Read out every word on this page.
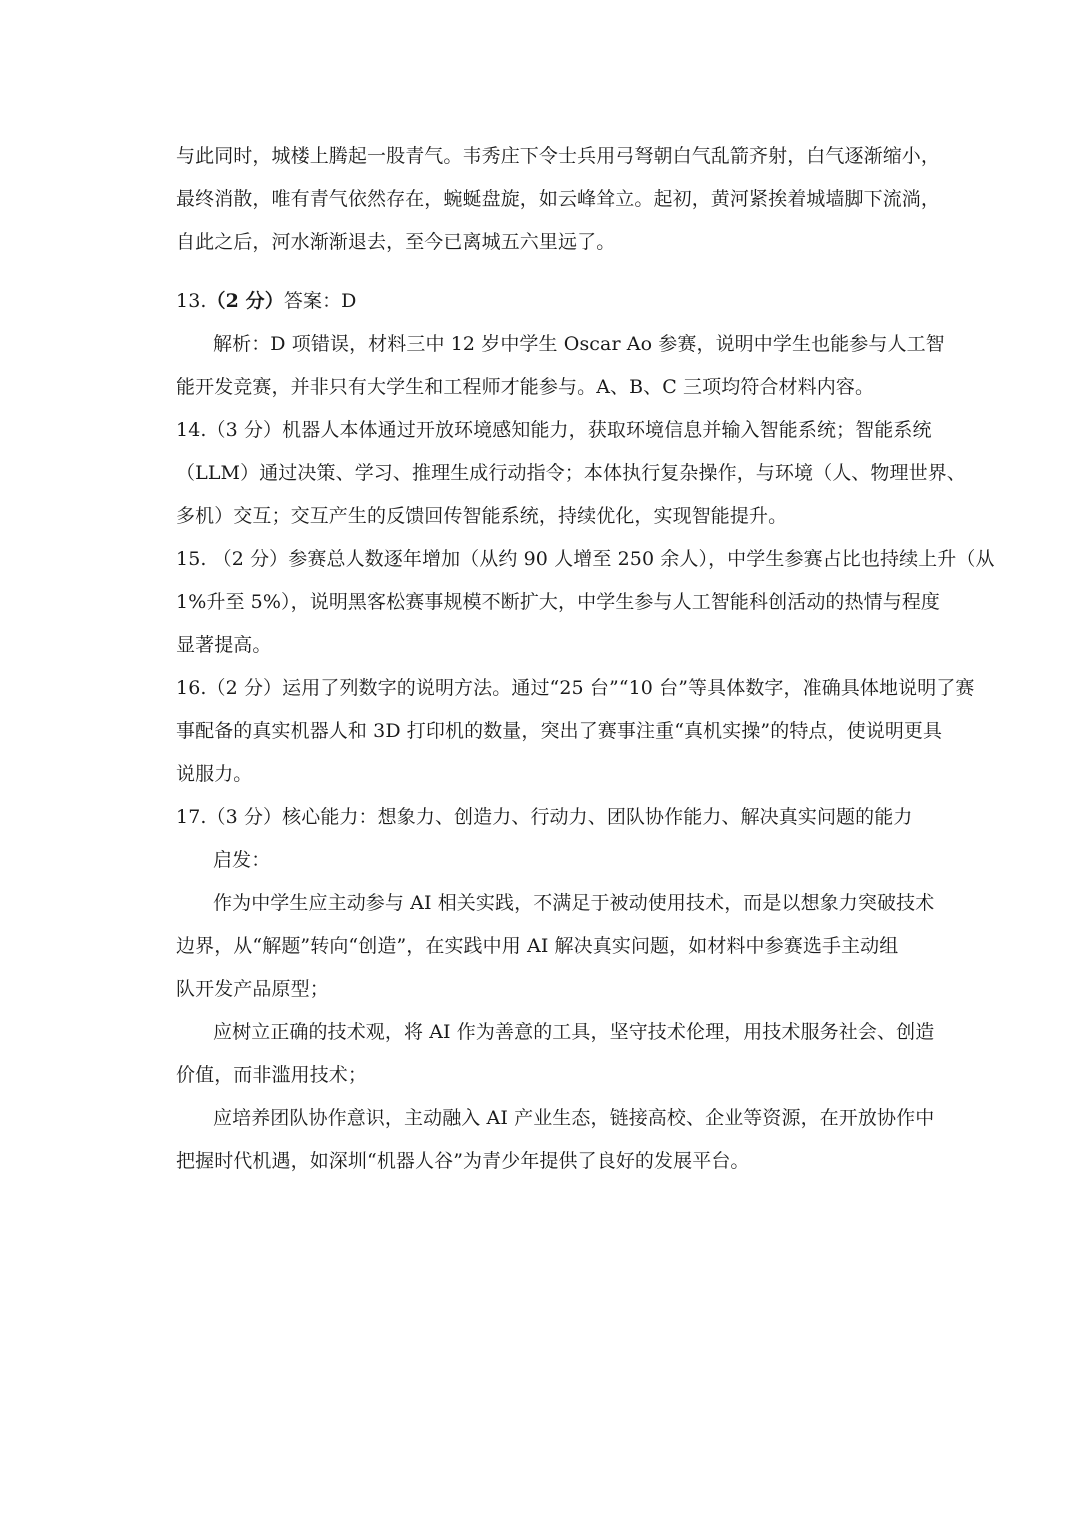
与此同时，城楼上腾起一股青气。韦秀庄下令士兵用弓弩朝白气乱箭齐射，白气逐渐缩小，
最终消散，唯有青气依然存在，蜿蜒盘旋，如云峰耸立。起初，黄河紧挨着城墙脚下流淌，
自此之后，河水渐渐退去，至今已离城五六里远了。
13.（2 分）答案：D
解析：D 项错误，材料三中 12 岁中学生 Oscar Ao 参赛，说明中学生也能参与人工智
能开发竞赛，并非只有大学生和工程师才能参与。A、B、C 三项均符合材料内容。
14.（3 分）机器人本体通过开放环境感知能力，获取环境信息并输入智能系统；智能系统
（LLM）通过决策、学习、推理生成行动指令；本体执行复杂操作，与环境（人、物理世界、
多机）交互；交互产生的反馈回传智能系统，持续优化，实现智能提升。
15. （2 分）参赛总人数逐年增加（从约 90 人增至 250 余人），中学生参赛占比也持续上升（从
1%升至 5%），说明黑客松赛事规模不断扩大，中学生参与人工智能科创活动的热情与程度
显著提高。
16.（2 分）运用了列数字的说明方法。通过“25 台”“10 台”等具体数字，准确具体地说明了赛
事配备的真实机器人和 3D 打印机的数量，突出了赛事注重“真机实操”的特点，使说明更具
说服力。
17.（3 分）核心能力：想象力、创造力、行动力、团队协作能力、解决真实问题的能力
启发：
作为中学生应主动参与 AI 相关实践，不满足于被动使用技术，而是以想象力突破技术
边界，从“解题”转向“创造”，在实践中用 AI 解决真实问题，如材料中参赛选手主动组
队开发产品原型；
应树立正确的技术观，将 AI 作为善意的工具，坚守技术伦理，用技术服务社会、创造
价值，而非滥用技术；
应培养团队协作意识，主动融入 AI 产业生态，链接高校、企业等资源，在开放协作中
把握时代机遇，如深圳“机器人谷”为青少年提供了良好的发展平台。
